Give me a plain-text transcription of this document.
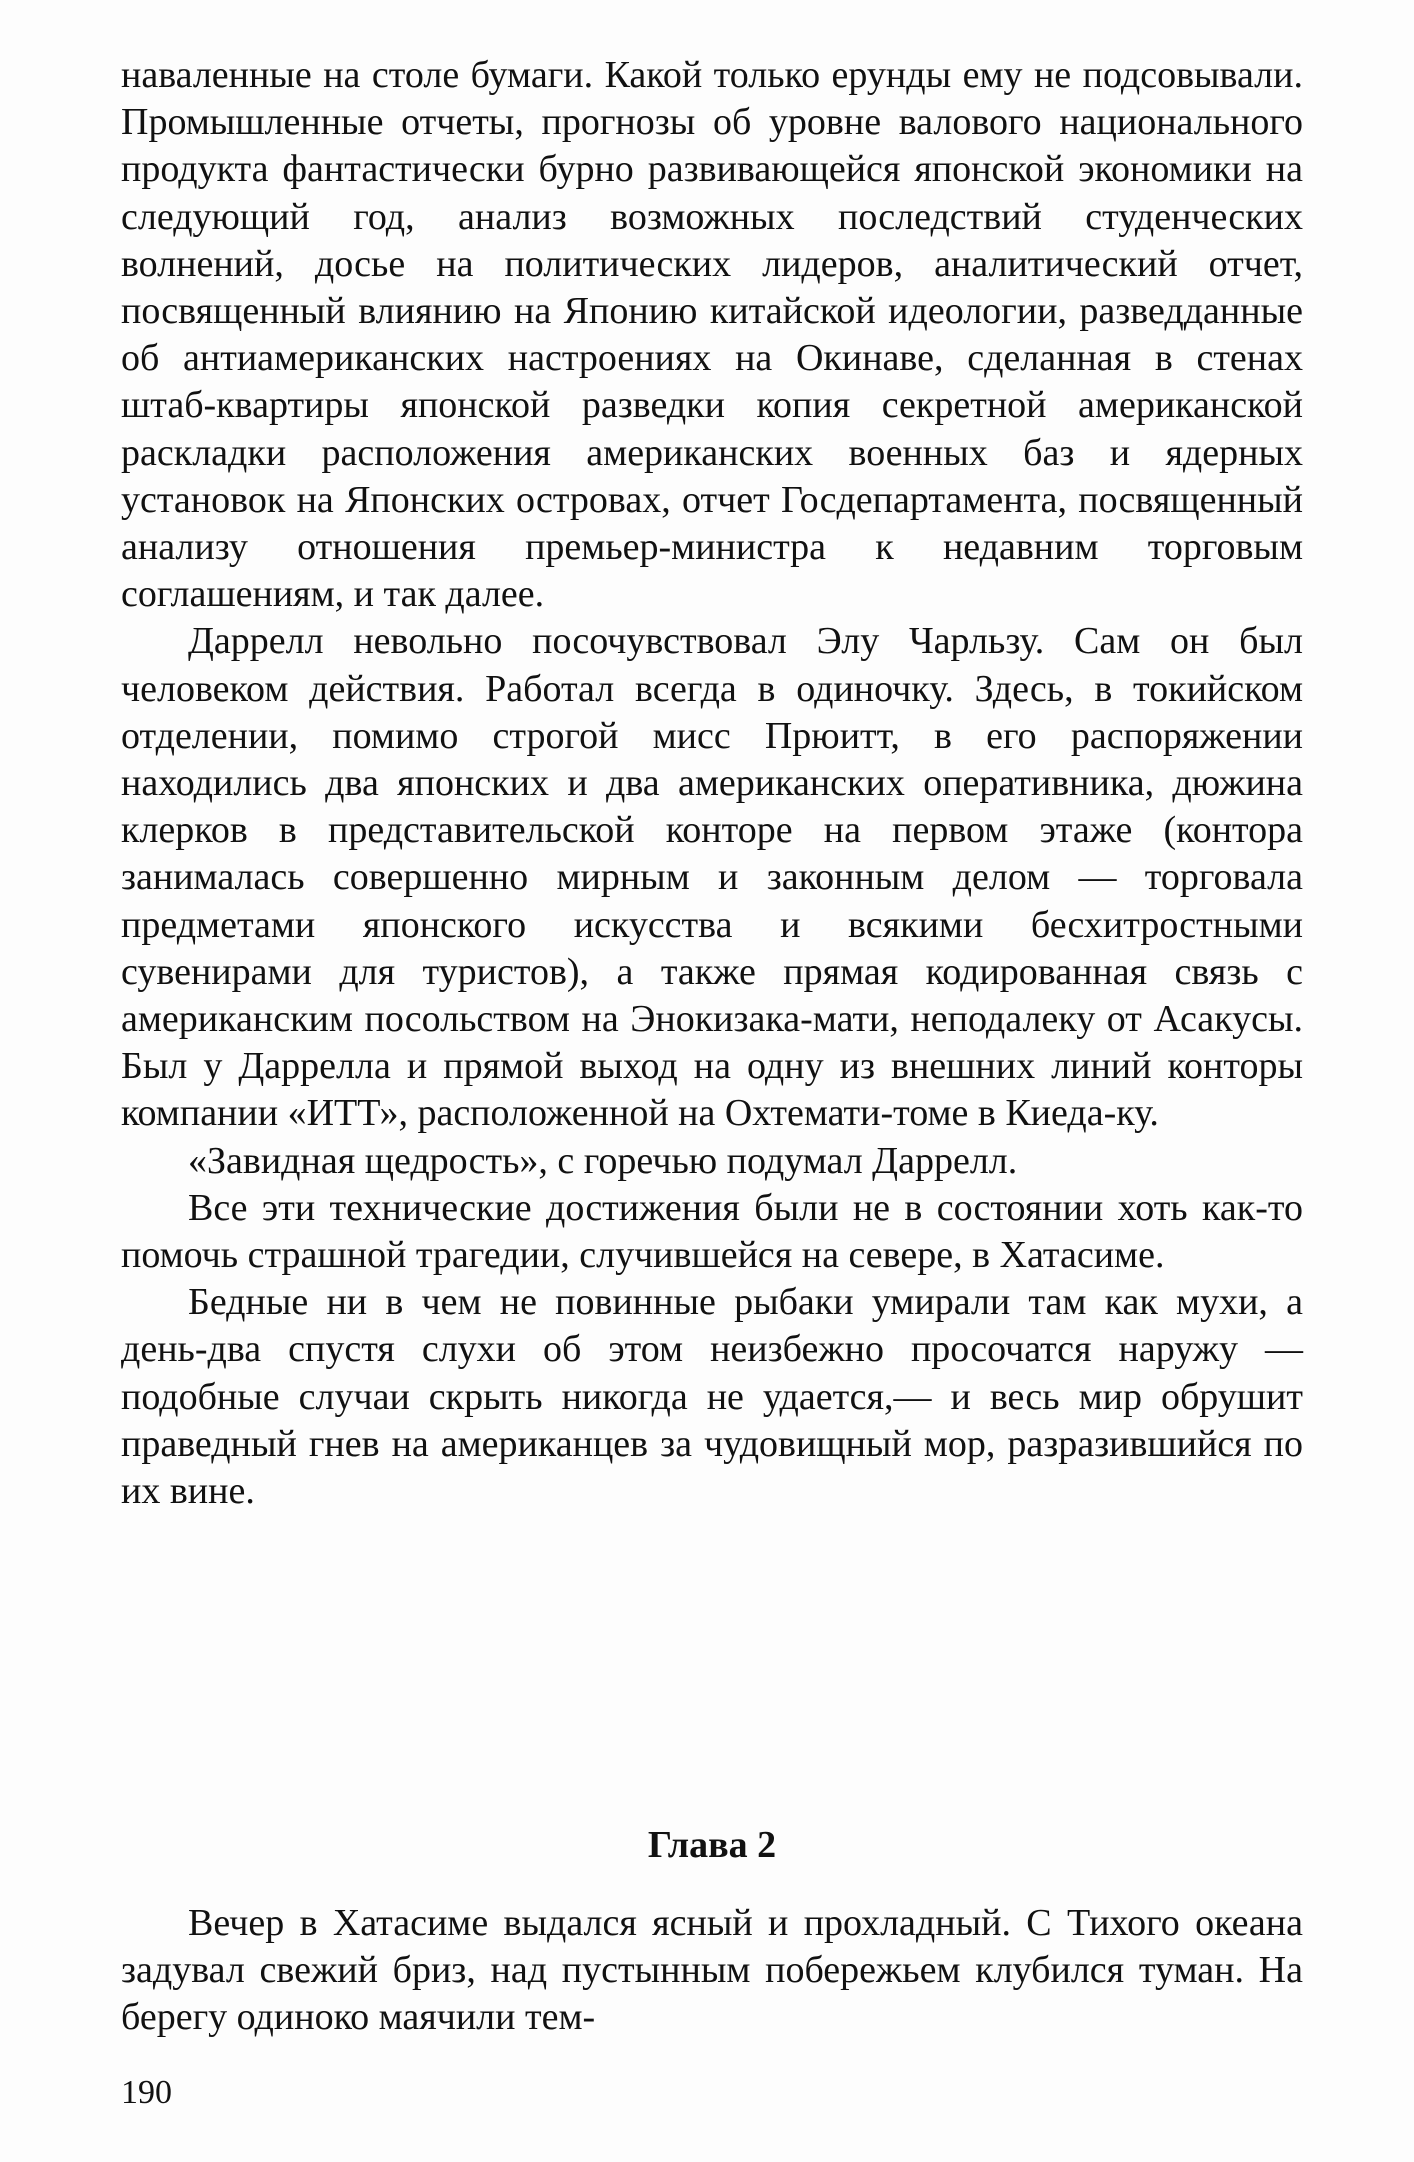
наваленные на столе бумаги. Какой только ерунды ему не подсовывали. Промышленные отчеты, прогнозы об уровне валового национального продукта фантастически бурно развивающейся японской экономики на следующий год, анализ возможных последствий студенческих волнений, досье на политических лидеров, аналитический отчет, посвященный влиянию на Японию китайской идеологии, разведданные об антиамериканских настроениях на Окинаве, сделанная в стенах штаб-квартиры японской разведки копия секретной американской раскладки расположения американских военных баз и ядерных установок на Японских островах, отчет Госдепартамента, посвященный анализу отношения премьер-министра к недавним торговым соглашениям, и так далее.

Даррелл невольно посочувствовал Элу Чарльзу. Сам он был человеком действия. Работал всегда в одиночку. Здесь, в токийском отделении, помимо строгой мисс Прюитт, в его распоряжении находились два японских и два американских оперативника, дюжина клерков в представительской конторе на первом этаже (контора занималась совершенно мирным и законным делом — торговала предметами японского искусства и всякими бесхитростными сувенирами для туристов), а также прямая кодированная связь с американским посольством на Энокизака-мати, неподалеку от Асакусы. Был у Даррелла и прямой выход на одну из внешних линий конторы компании «ИТТ», расположенной на Охтемати-томе в Киеда-ку.

«Завидная щедрость», с горечью подумал Даррелл.

Все эти технические достижения были не в состоянии хоть как-то помочь страшной трагедии, случившейся на севере, в Хатасиме.

Бедные ни в чем не повинные рыбаки умирали там как мухи, а день-два спустя слухи об этом неизбежно просочатся наружу — подобные случаи скрыть никогда не удается,— и весь мир обрушит праведный гнев на американцев за чудовищный мор, разразившийся по их вине.

Глава 2

Вечер в Хатасиме выдался ясный и прохладный. С Тихого океана задувал свежий бриз, над пустынным побережьем клубился туман. На берегу одиноко маячили тем-

190
